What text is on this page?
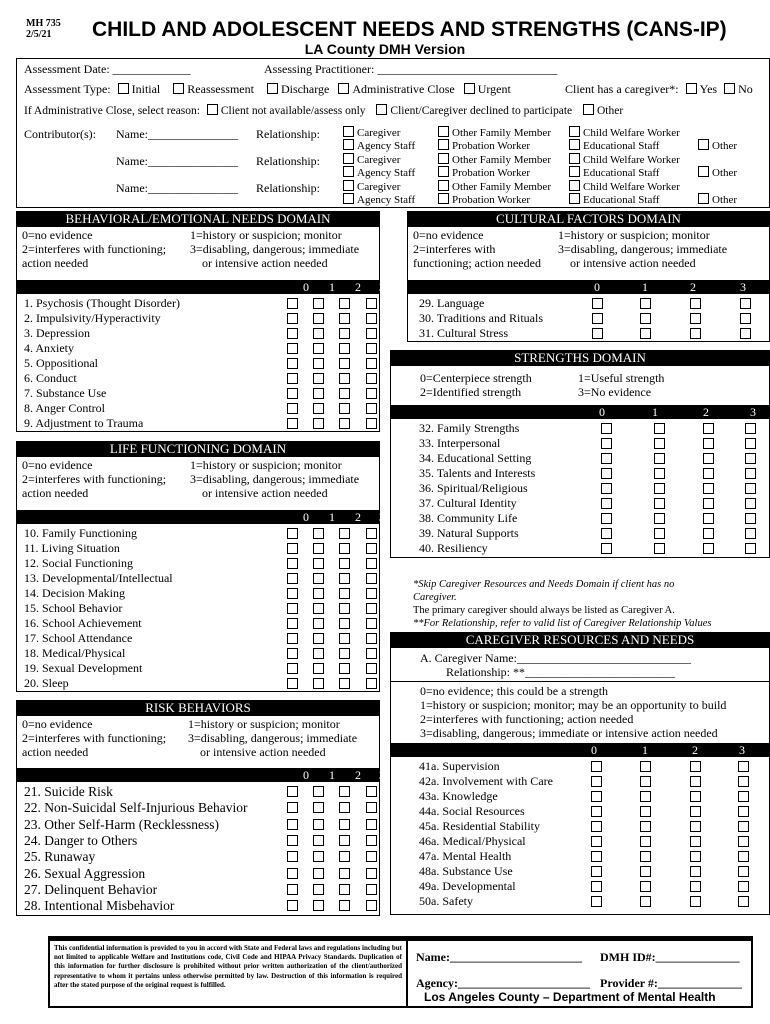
MH 735
2/5/21	CHILD AND ADOLESCENT NEEDS AND STRENGTHS (CANS-IP)
LA County DMH Version
Assessment Date: _____________	Assessing Practitioner: ______________________________
Assessment Type: Initial Reassessment Discharge Administrative Close Urgent	Client has a caregiver*: Yes No
If Administrative Close, select reason: Client not available/assess only Client/Caregiver declined to participate Other
Contributor(s): Name:_______________ Relationship:	Caregiver
Agency Staff
Other Family Member
Probation Worker
Child Welfare Worker
Educational Staff	Other
Name:_______________ Relationship:	Caregiver
Agency Staff
Other Family Member
Probation Worker
Child Welfare Worker
Educational Staff	Other
Name:_______________ Relationship:	Caregiver
Agency Staff
Other Family Member
Probation Worker
Child Welfare Worker
Educational Staff	Other
BEHAVIORAL/EMOTIONAL NEEDS DOMAIN
0=no evidence
2=interferes with functioning;
action needed
1=history or suspicion; monitor
3=disabling, dangerous; immediate
or intensive action needed
0	1	2	3
1. Psychosis (Thought Disorder)
2. Impulsivity/Hyperactivity
3. Depression
4. Anxiety
5. Oppositional
6. Conduct
7. Substance Use
8. Anger Control
9. Adjustment to Trauma
LIFE FUNCTIONING DOMAIN
0=no evidence
2=interferes with functioning;
action needed
1=history or suspicion; monitor
3=disabling, dangerous; immediate
or intensive action needed
0	1	2	3
10. Family Functioning
11. Living Situation
12. Social Functioning
13. Developmental/Intellectual
14. Decision Making
15. School Behavior
16. School Achievement
17. School Attendance
18. Medical/Physical
19. Sexual Development
20. Sleep
RISK BEHAVIORS
0=no evidence
2=interferes with functioning;
action needed
1=history or suspicion; monitor
3=disabling, dangerous; immediate
or intensive action needed
0	1	2	3
21. Suicide Risk
22. Non-Suicidal Self-Injurious Behavior
23. Other Self-Harm (Recklessness)
24. Danger to Others
25. Runaway
26. Sexual Aggression
27. Delinquent Behavior
28. Intentional Misbehavior
CULTURAL FACTORS DOMAIN
0=no evidence
2=interferes with
functioning; action needed
1=history or suspicion; monitor
3=disabling, dangerous; immediate
or intensive action needed
0	1	2	3
29. Language
30. Traditions and Rituals
31. Cultural Stress
STRENGTHS DOMAIN
0=Centerpiece strength
2=Identified strength
1=Useful strength
3=No evidence
0	1	2	3
32. Family Strengths
33. Interpersonal
34. Educational Setting
35. Talents and Interests
36. Spiritual/Religious
37. Cultural Identity
38. Community Life
39. Natural Supports
40. Resiliency
*Skip Caregiver Resources and Needs Domain if client has no
Caregiver.
The primary caregiver should always be listed as Caregiver A.
**For Relationship, refer to valid list of Caregiver Relationship Values
CAREGIVER RESOURCES AND NEEDS
A. Caregiver Name:_____________________________
Relationship: **_________________________
0=no evidence; this could be a strength
1=history or suspicion; monitor; may be an opportunity to build
2=interferes with functioning; action needed
3=disabling, dangerous; immediate or intensive action needed
0	1	2	3
41a. Supervision
42a. Involvement with Care
43a. Knowledge
44a. Social Resources
45a. Residential Stability
46a. Medical/Physical
47a. Mental Health
48a. Substance Use
49a. Developmental
50a. Safety
This confidential information is provided to you in accord with State and Federal laws and regulations including but not limited to applicable Welfare and Institutions code, Civil Code and HIPAA Privacy Standards. Duplication of this information for further disclosure is prohibited without prior written authorization of the client/authorized representative to whom it pertains unless otherwise permitted by law. Destruction of this information is required after the stated purpose of the original request is fulfilled.
Name:______________________ DMH ID#:______________
Agency:______________________ Provider #:______________
Los Angeles County – Department of Mental Health
